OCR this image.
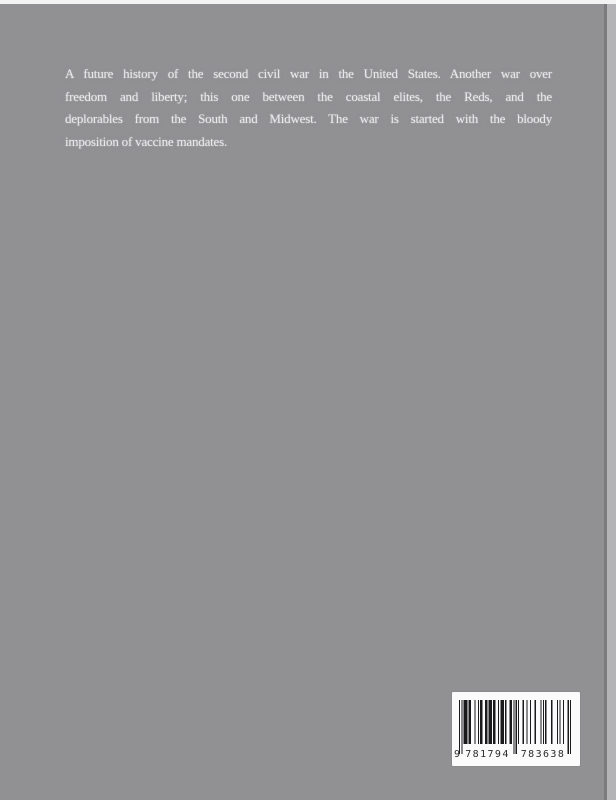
A future history of the second civil war in the United States. Another war over

freedom and liberty; this one between the coastal elites, the Reds, and the

deplorables from the South and Midwest. The war is started with the bloody

imposition of vaccine mandates.

9 781794 783638
